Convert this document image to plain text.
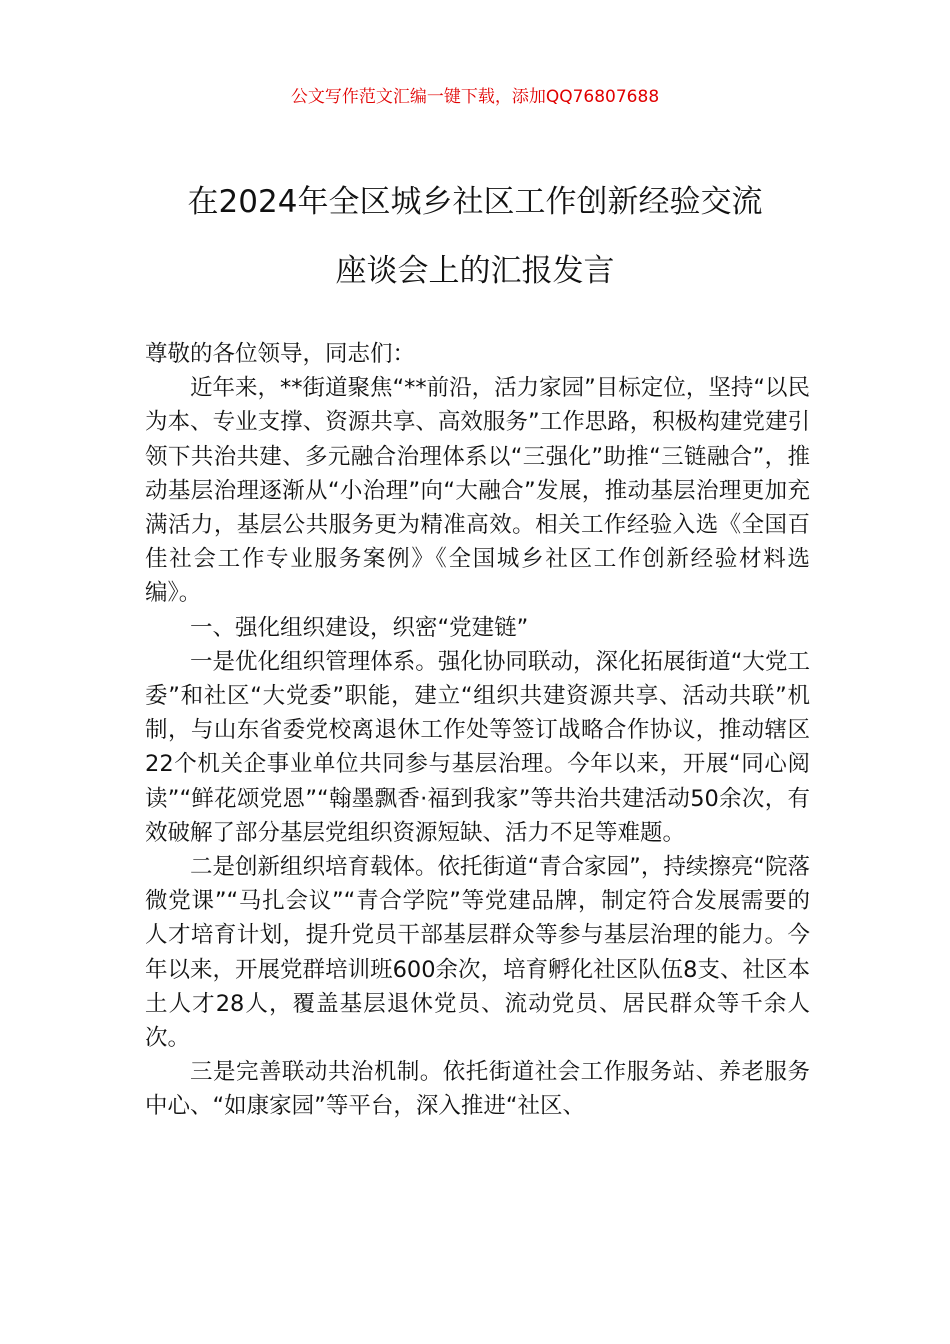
公文写作范文汇编一键下载，添加QQ76807688
在2024年全区城乡社区工作创新经验交流
座谈会上的汇报发言

尊敬的各位领导，同志们：

近年来，**街道聚焦“**前沿，活力家园”目标定位，坚持“以民为本、专业支撑、资源共享、高效服务”工作思路，积极构建党建引领下共治共建、多元融合治理体系以“三强化”助推“三链融合”，推动基层治理逐渐从“小治理”向“大融合”发展，推动基层治理更加充满活力，基层公共服务更为精准高效。相关工作经验入选《全国百佳社会工作专业服务案例》《全国城乡社区工作创新经验材料选编》。

一、强化组织建设，织密“党建链”

一是优化组织管理体系。强化协同联动，深化拓展街道“大党工委”和社区“大党委”职能，建立“组织共建资源共享、活动共联”机制，与山东省委党校离退休工作处等签订战略合作协议，推动辖区22个机关企事业单位共同参与基层治理。今年以来，开展“同心阅读”“鲜花颂党恩”“翰墨飘香·福到我家”等共治共建活动50余次，有效破解了部分基层党组织资源短缺、活力不足等难题。

二是创新组织培育载体。依托街道“青合家园”，持续擦亮“院落微党课”“马扎会议”“青合学院”等党建品牌，制定符合发展需要的人才培育计划，提升党员干部基层群众等参与基层治理的能力。今年以来，开展党群培训班600余次，培育孵化社区队伍8支、社区本土人才28人，覆盖基层退休党员、流动党员、居民群众等千余人次。

三是完善联动共治机制。依托街道社会工作服务站、养老服务中心、“如康家园”等平台，深入推进“社区、
